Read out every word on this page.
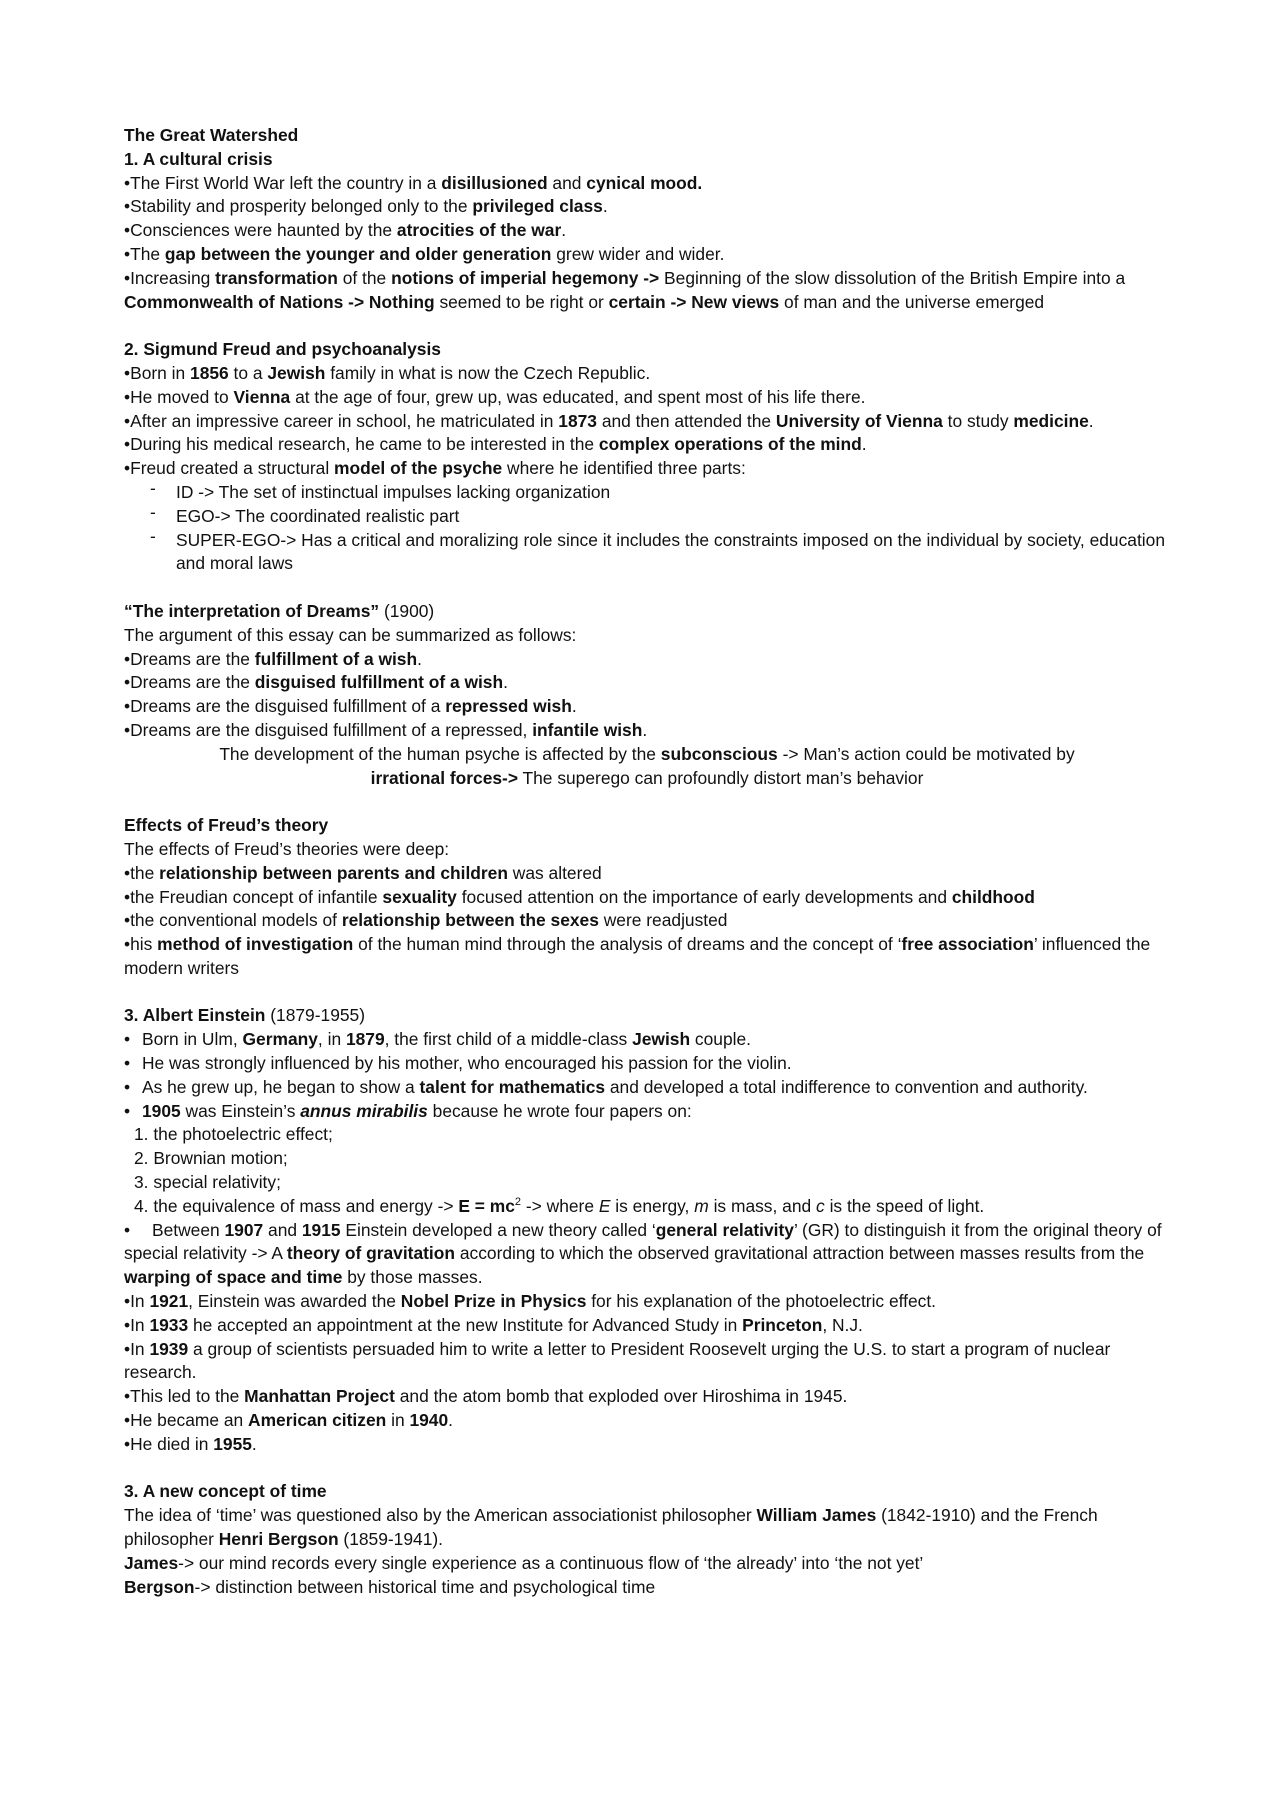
The Great Watershed
1. A cultural crisis
•The First World War left the country in a disillusioned and cynical mood.
•Stability and prosperity belonged only to the privileged class.
•Consciences were haunted by the atrocities of the war.
•The gap between the younger and older generation grew wider and wider.
•Increasing transformation of the notions of imperial hegemony -> Beginning of the slow dissolution of the British Empire into a Commonwealth of Nations -> Nothing seemed to be right or certain -> New views of man and the universe emerged
2. Sigmund Freud and psychoanalysis
•Born in 1856 to a Jewish family in what is now the Czech Republic.
•He moved to Vienna at the age of four, grew up, was educated, and spent most of his life there.
•After an impressive career in school, he matriculated in 1873 and then attended the University of Vienna to study medicine.
•During his medical research, he came to be interested in the complex operations of the mind.
•Freud created a structural model of the psyche where he identified three parts:
- ID -> The set of instinctual impulses lacking organization
- EGO-> The coordinated realistic part
- SUPER-EGO-> Has a critical and moralizing role since it includes the constraints imposed on the individual by society, education and moral laws
“The interpretation of Dreams” (1900)
The argument of this essay can be summarized as follows:
•Dreams are the fulfillment of a wish.
•Dreams are the disguised fulfillment of a wish.
•Dreams are the disguised fulfillment of a repressed wish.
•Dreams are the disguised fulfillment of a repressed, infantile wish.
The development of the human psyche is affected by the subconscious -> Man’s action could be motivated by
irrational forces-> The superego can profoundly distort man’s behavior
Effects of Freud’s theory
The effects of Freud’s theories were deep:
•the relationship between parents and children was altered
•the Freudian concept of infantile sexuality focused attention on the importance of early developments and childhood
•the conventional models of relationship between the sexes were readjusted
•his method of investigation of the human mind through the analysis of dreams and the concept of ‘free association’ influenced the modern writers
3. Albert Einstein (1879-1955)
• Born in Ulm, Germany, in 1879, the first child of a middle-class Jewish couple.
• He was strongly influenced by his mother, who encouraged his passion for the violin.
• As he grew up, he began to show a talent for mathematics and developed a total indifference to convention and authority.
• 1905 was Einstein’s annus mirabilis because he wrote four papers on:
1. the photoelectric effect;
2. Brownian motion;
3. special relativity;
4. the equivalence of mass and energy -> $E = mc^2$ -> where E is energy, m is mass, and c is the speed of light.
• Between 1907 and 1915 Einstein developed a new theory called ‘general relativity’ (GR) to distinguish it from the original theory of special relativity -> A theory of gravitation according to which the observed gravitational attraction between masses results from the warping of space and time by those masses.
•In 1921, Einstein was awarded the Nobel Prize in Physics for his explanation of the photoelectric effect.
•In 1933 he accepted an appointment at the new Institute for Advanced Study in Princeton, N.J.
•In 1939 a group of scientists persuaded him to write a letter to President Roosevelt urging the U.S. to start a program of nuclear research.
•This led to the Manhattan Project and the atom bomb that exploded over Hiroshima in 1945.
•He became an American citizen in 1940.
•He died in 1955.
3. A new concept of time
The idea of ‘time’ was questioned also by the American associationist philosopher William James (1842-1910) and the French philosopher Henri Bergson (1859-1941).
James-> our mind records every single experience as a continuous flow of ‘the already’ into ‘the not yet’
Bergson-> distinction between historical time and psychological time
